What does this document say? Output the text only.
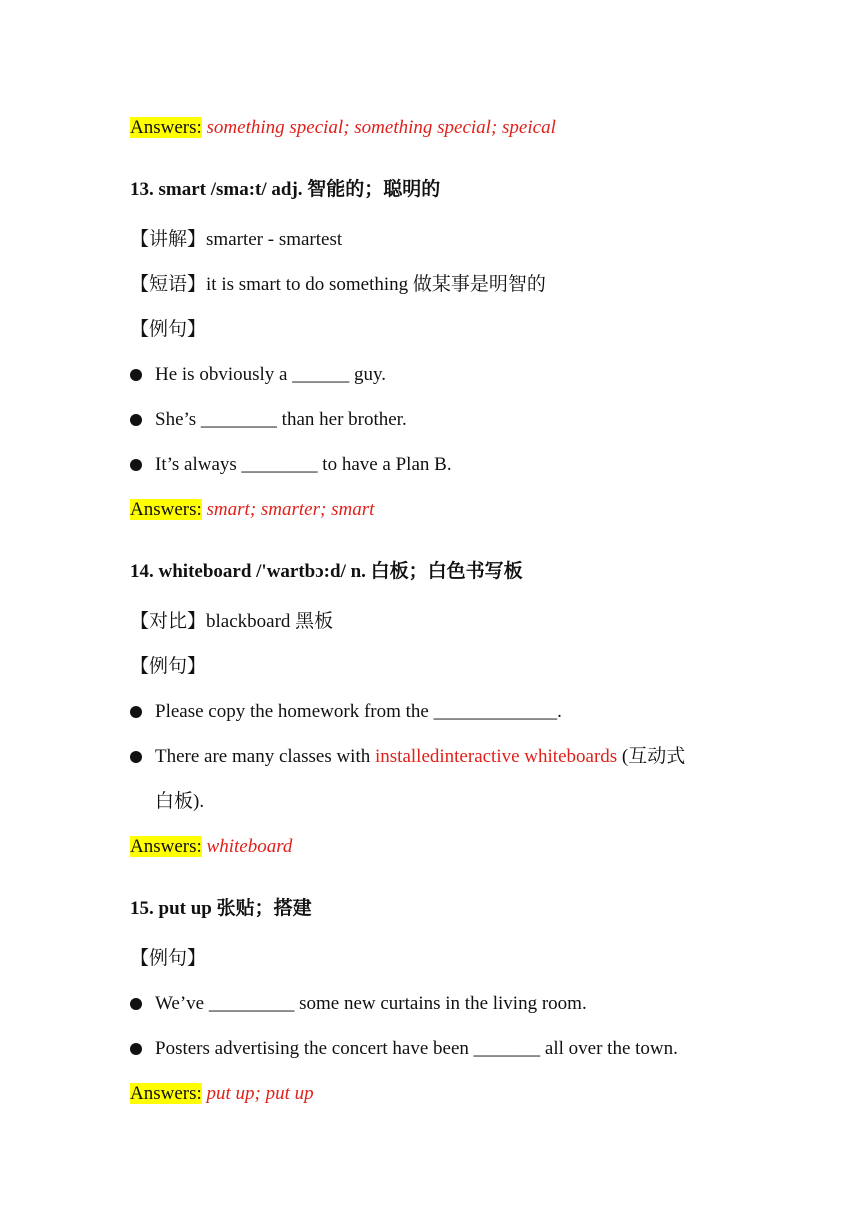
Answers: something special; something special; speical
13. smart /sma:t/ adj. 智能的；聪明的
【讲解】smarter - smartest
【短语】it is smart to do something 做某事是明智的
【例句】
He is obviously a ______ guy.
She’s ________ than her brother.
It’s always ________ to have a Plan B.
Answers: smart; smarter; smart
14. whiteboard /'wartbɔ:d/ n. 白板；白色书写板
【对比】blackboard 黑板
【例句】
Please copy the homework from the _____________.
There are many classes with installedinteractive whiteboards (互动式
白板).
Answers: whiteboard
15. put up 张贴；搭建
【例句】
We’ve _________ some new curtains in the living room.
Posters advertising the concert have been _______ all over the town.
Answers: put up; put up
